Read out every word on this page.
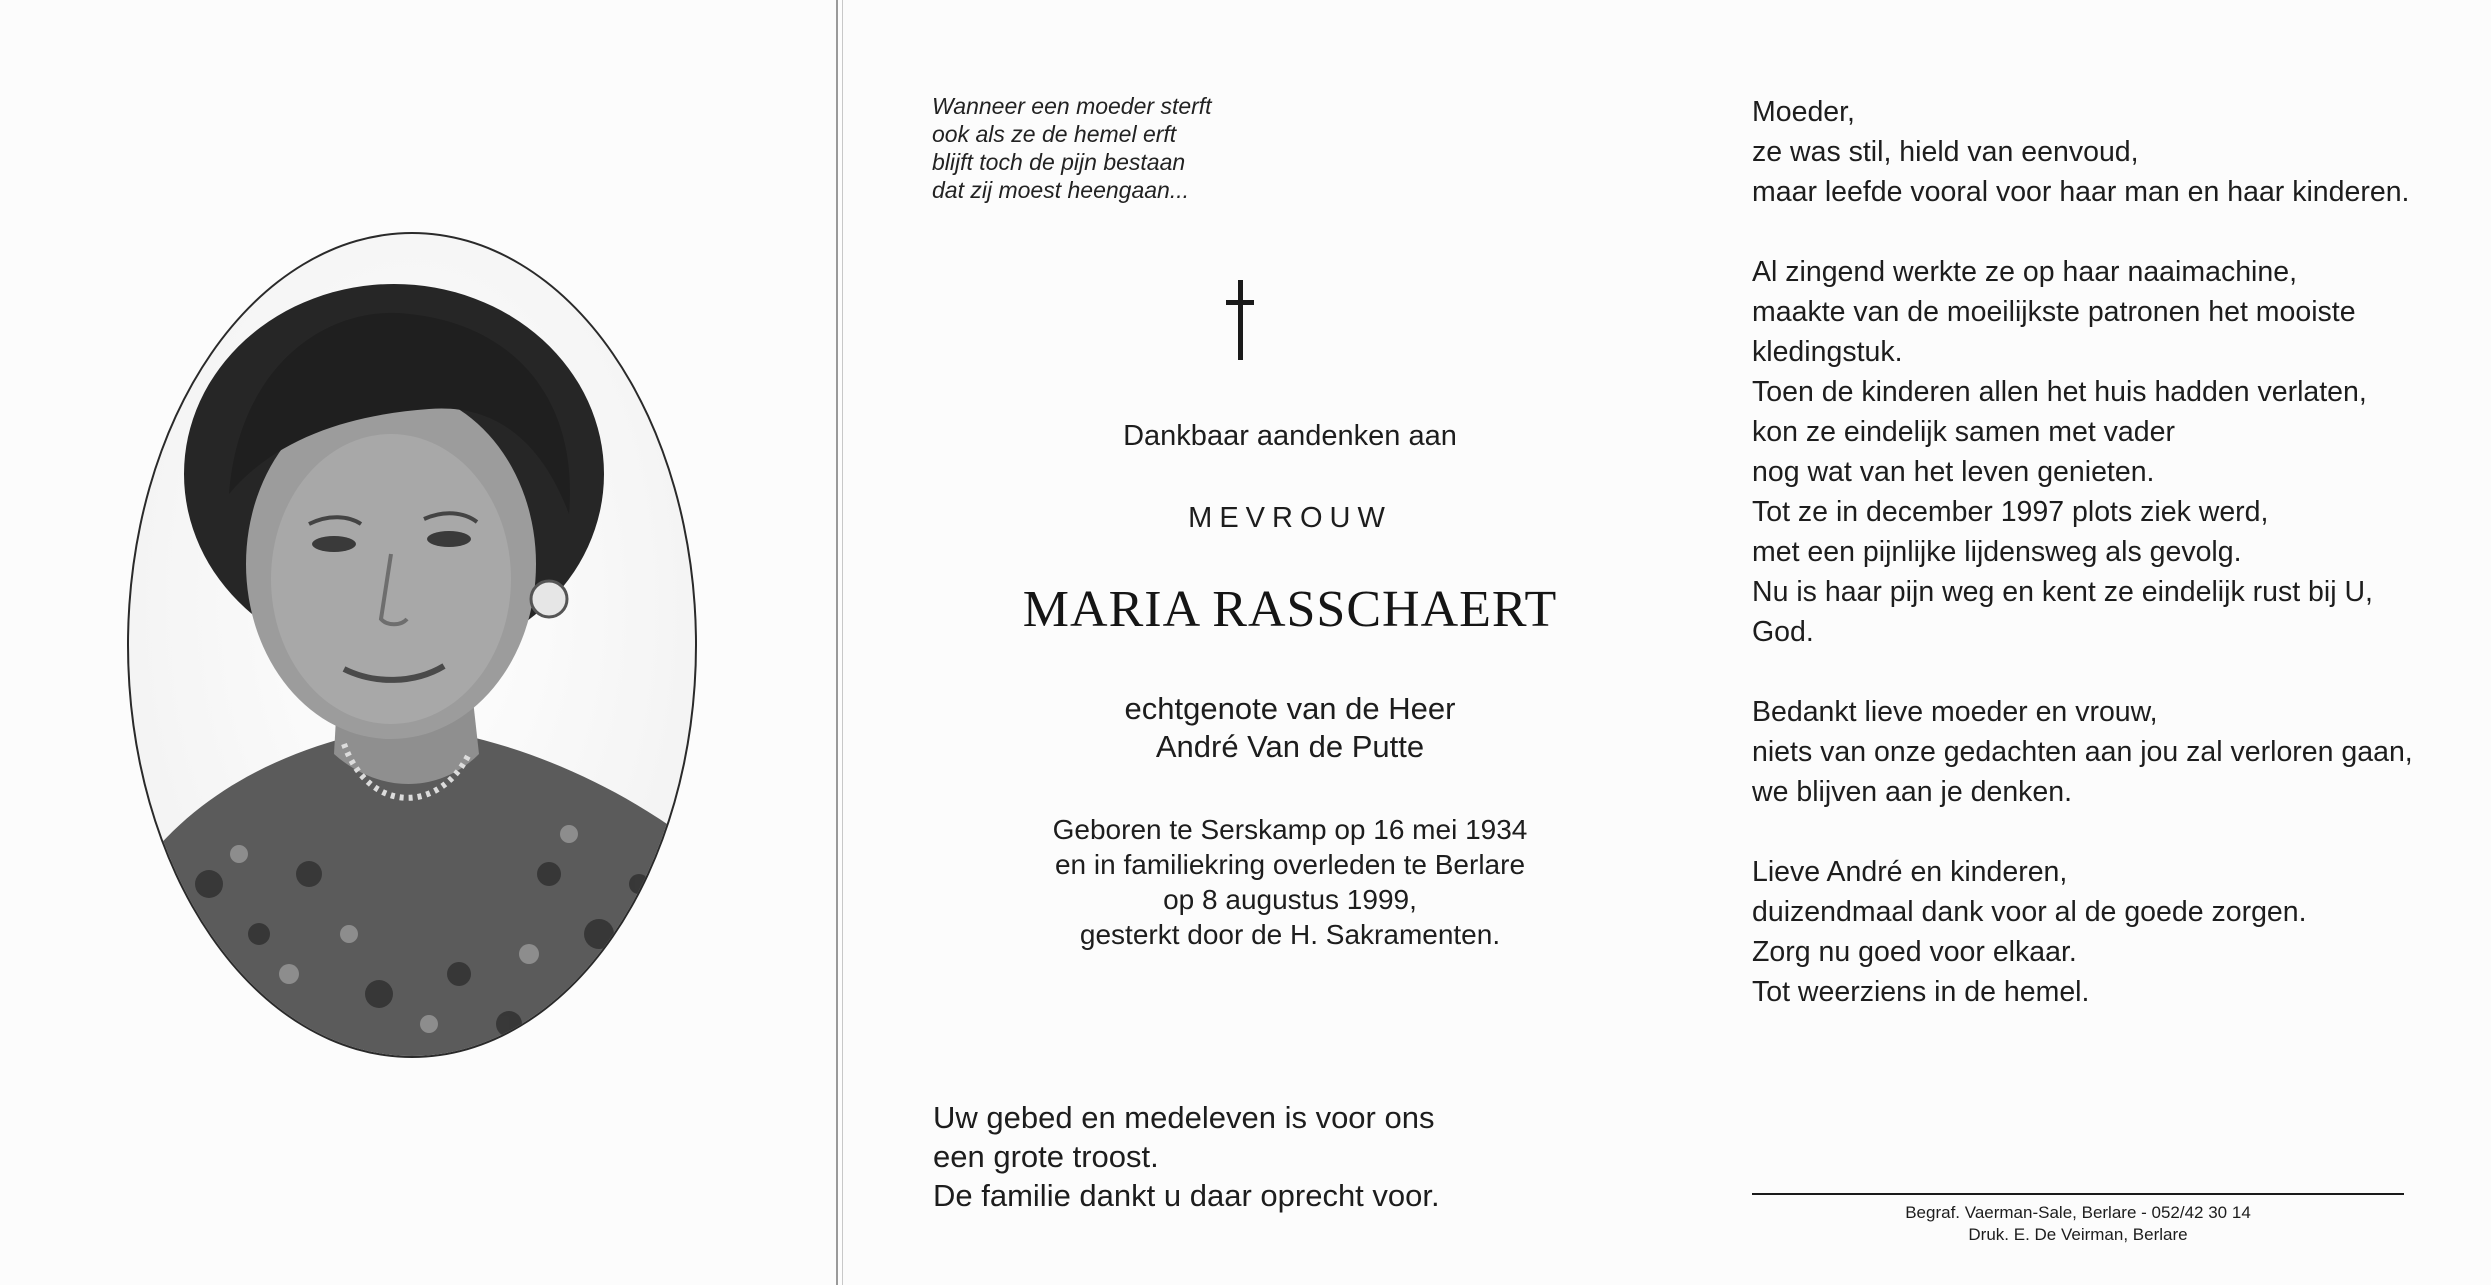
Wanneer een moeder sterft
ook als ze de hemel erft
blijft toch de pijn bestaan
dat zij moest heengaan...
Dankbaar aandenken aan
MEVROUW
MARIA RASSCHAERT
echtgenote van de Heer
André Van de Putte
Geboren te Serskamp op 16 mei 1934
en in familiekring overleden te Berlare
op 8 augustus 1999,
gesterkt door de H. Sakramenten.
Uw gebed en medeleven is voor ons
een grote troost.
De familie dankt u daar oprecht voor.
Moeder,
ze was stil, hield van eenvoud,
maar leefde vooral voor haar man en haar kinderen.
Al zingend werkte ze op haar naaimachine,
maakte van de moeilijkste patronen het mooiste
kledingstuk.
Toen de kinderen allen het huis hadden verlaten,
kon ze eindelijk samen met vader
nog wat van het leven genieten.
Tot ze in december 1997 plots ziek werd,
met een pijnlijke lijdensweg als gevolg.
Nu is haar pijn weg en kent ze eindelijk rust bij U,
God.
Bedankt lieve moeder en vrouw,
niets van onze gedachten aan jou zal verloren gaan,
we blijven aan je denken.
Lieve André en kinderen,
duizendmaal dank voor al de goede zorgen.
Zorg nu goed voor elkaar.
Tot weerziens in de hemel.
Begraf. Vaerman-Sale, Berlare - 052/42 30 14
Druk. E. De Veirman, Berlare
